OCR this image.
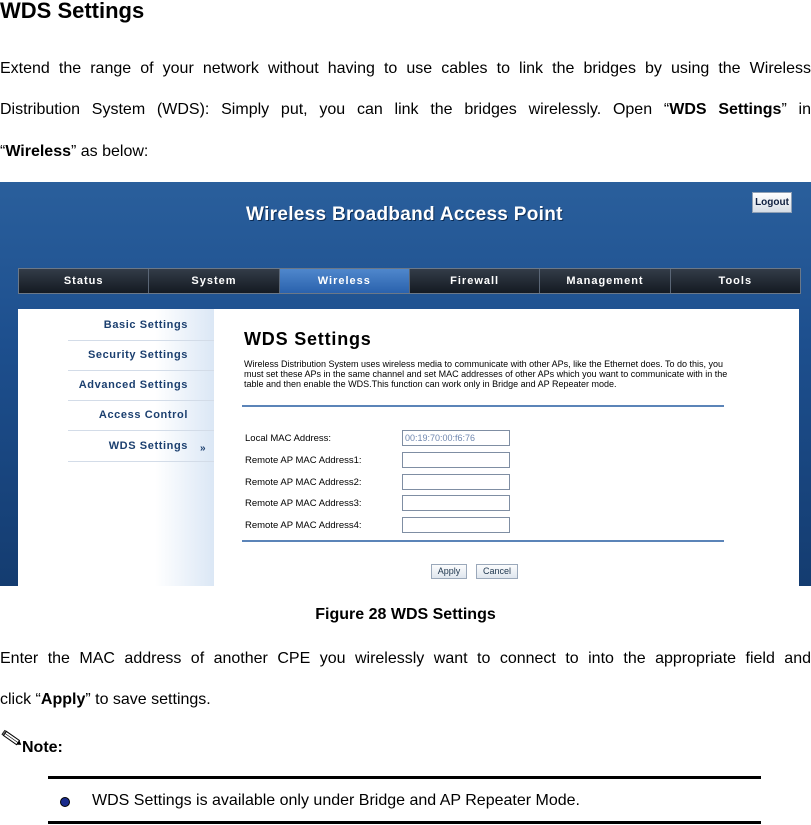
WDS Settings
Extend the range of your network without having to use cables to link the bridges by using the Wireless
Distribution System (WDS): Simply put, you can link the bridges wirelessly. Open “WDS Settings” in
“Wireless” as below:
Wireless Broadband Access Point
Logout
Status	System	Wireless	Firewall	Management	Tools
Basic Settings
Security Settings
Advanced Settings
Access Control
WDS Settings »
WDS Settings
Wireless Distribution System uses wireless media to communicate with other APs, like the Ethernet does. To do this, you must set these APs in the same channel and set MAC addresses of other APs which you want to communicate with in the table and then enable the WDS.This function can work only in Bridge and AP Repeater mode.
Local MAC Address:	00:19:70:00:f6:76
Remote AP MAC Address1:
Remote AP MAC Address2:
Remote AP MAC Address3:
Remote AP MAC Address4:
Apply	Cancel
Figure 28 WDS Settings
Enter the MAC address of another CPE you wirelessly want to connect to into the appropriate field and
click “Apply” to save settings.
Note:
WDS Settings is available only under Bridge and AP Repeater Mode.
